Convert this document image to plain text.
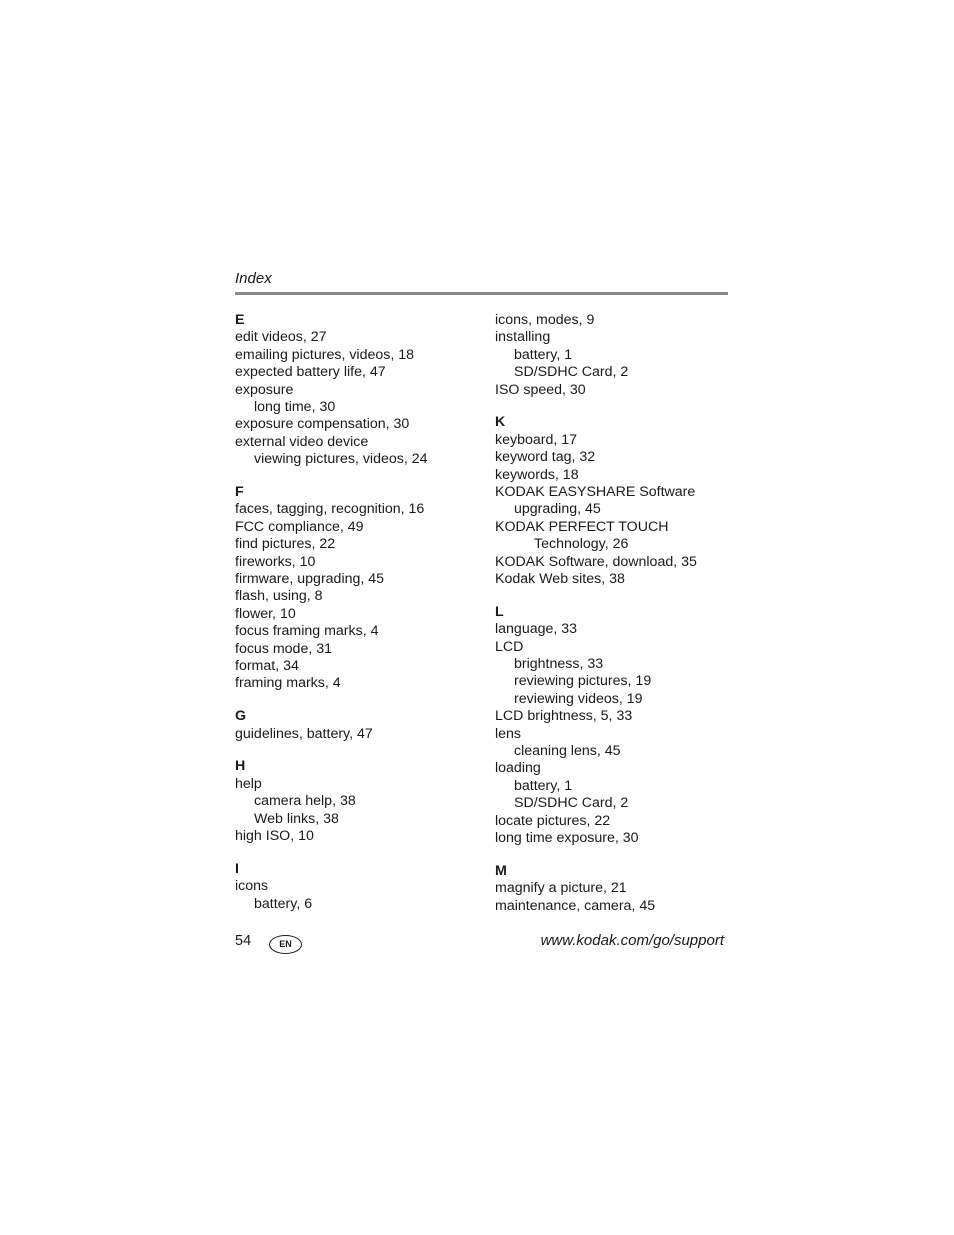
Index
E
edit videos, 27
emailing pictures, videos, 18
expected battery life, 47
exposure
long time, 30
exposure compensation, 30
external video device
viewing pictures, videos, 24
F
faces, tagging, recognition, 16
FCC compliance, 49
find pictures, 22
fireworks, 10
firmware, upgrading, 45
flash, using, 8
flower, 10
focus framing marks, 4
focus mode, 31
format, 34
framing marks, 4
G
guidelines, battery, 47
H
help
camera help, 38
Web links, 38
high ISO, 10
I
icons
battery, 6
icons, modes, 9
installing
battery, 1
SD/SDHC Card, 2
ISO speed, 30
K
keyboard, 17
keyword tag, 32
keywords, 18
KODAK EASYSHARE Software
upgrading, 45
KODAK PERFECT TOUCH
Technology, 26
KODAK Software, download, 35
Kodak Web sites, 38
L
language, 33
LCD
brightness, 33
reviewing pictures, 19
reviewing videos, 19
LCD brightness, 5, 33
lens
cleaning lens, 45
loading
battery, 1
SD/SDHC Card, 2
locate pictures, 22
long time exposure, 30
M
magnify a picture, 21
maintenance, camera, 45
54	EN	www.kodak.com/go/support
